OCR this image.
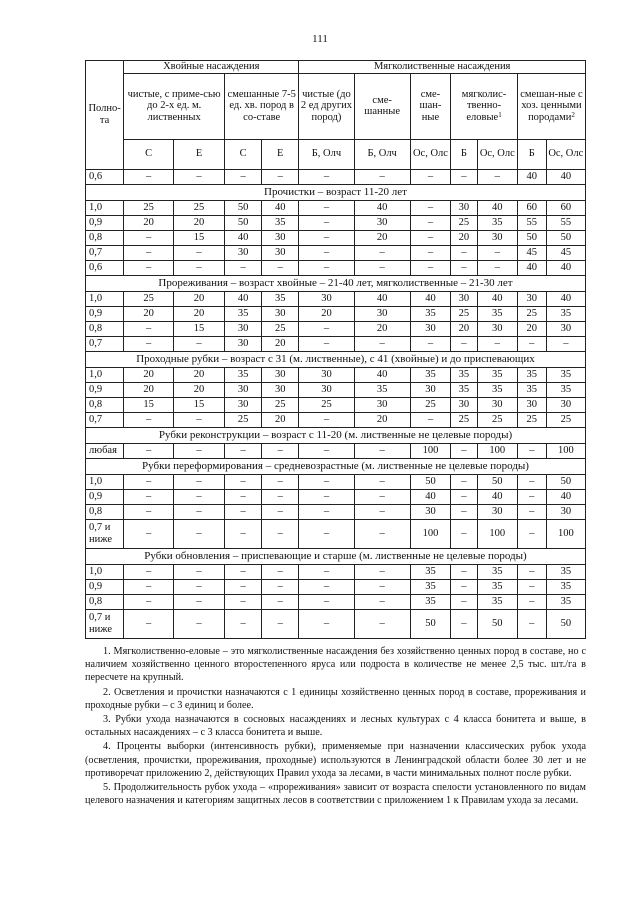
111
Полнота	Хвойные насаждения				Мягколиственные насаждения						
	чистые, с приме-сью до 2-х ед. м. лиственных		смешанные 7-5 ед. хв. пород в со-ставе		чистые (до 2 ед других пород)	сме-шанные	сме-шан-ные	мягколис-твенно-еловые$^1$		смешан-ные с хоз. ценными породами$^2$
	С	Е	С	Е	Б, Олч	Б, Олч	Ос, Олс	Б	Ос, Олс	Б	Ос, Олс
0,6	–	–	–	–	–	–	–	–	–	40	40
Прочистки – возраст 11-20 лет											
1,0	25	25	50	40	–	40	–	30	40	60	60
0,9	20	20	50	35	–	30	–	25	35	55	55
0,8	–	15	40	30	–	20	–	20	30	50	50
0,7	–	–	30	30	–	–	–	–	–	45	45
0,6	–	–	–	–	–	–	–	–	–	40	40
Прореживания – возраст хвойные – 21-40 лет, мягколиственные – 21-30 лет											
1,0	25	20	40	35	30	40	40	30	40	30	40
0,9	20	20	35	30	20	30	35	25	35	25	35
0,8	–	15	30	25	–	20	30	20	30	20	30
0,7	–	–	30	20	–	–	–	–	–	–	–
Проходные рубки – возраст с 31 (м. лиственные), с 41 (хвойные) и до приспевающих											
1,0	20	20	35	30	30	40	35	35	35	35	35
0,9	20	20	30	30	30	35	30	35	35	35	35
0,8	15	15	30	25	25	30	25	30	30	30	30
0,7	–	–	25	20	–	20	–	25	25	25	25
Рубки реконструкции – возраст с 11-20 (м. лиственные не целевые породы)											
любая	–	–	–	–	–	–	100	–	100	–	100
Рубки переформирования – средневозрастные (м. лиственные не целевые породы)											
1,0	–	–	–	–	–	–	50	–	50	–	50
0,9	–	–	–	–	–	–	40	–	40	–	40
0,8	–	–	–	–	–	–	30	–	30	–	30
0,7 и ниже	–	–	–	–	–	–	100	–	100	–	100
Рубки обновления – приспевающие и старше (м. лиственные не целевые породы)											
1,0	–	–	–	–	–	–	35	–	35	–	35
0,9	–	–	–	–	–	–	35	–	35	–	35
0,8	–	–	–	–	–	–	35	–	35	–	35
0,7 и ниже	–	–	–	–	–	–	50	–	50	–	50

1. Мягколиственно-еловые – это мягколиственные насаждения без хозяйственно ценных пород в составе, но с наличием хозяйственно ценного второстепенного яруса или подроста в количестве не менее 2,5 тыс. шт./га в пересчете на крупный.

2. Осветления и прочистки назначаются с 1 единицы хозяйственно ценных пород в составе, прореживания и проходные рубки – с 3 единиц и более.

3. Рубки ухода назначаются в сосновых насаждениях и лесных культурах с 4 класса бонитета и выше, в остальных насаждениях – с 3 класса бонитета и выше.

4. Проценты выборки (интенсивность рубки), применяемые при назначении классических рубок ухода (осветления, прочистки, прореживания, проходные) используются в Ленинградской области более 30 лет и не противоречат приложению 2, действующих Правил ухода за лесами, в части минимальных полнот после рубки.

5. Продолжительность рубок ухода – «прореживания» зависит от возраста спелости установленного по видам целевого назначения и категориям защитных лесов в соответствии с приложением 1 к Правилам ухода за лесами.
